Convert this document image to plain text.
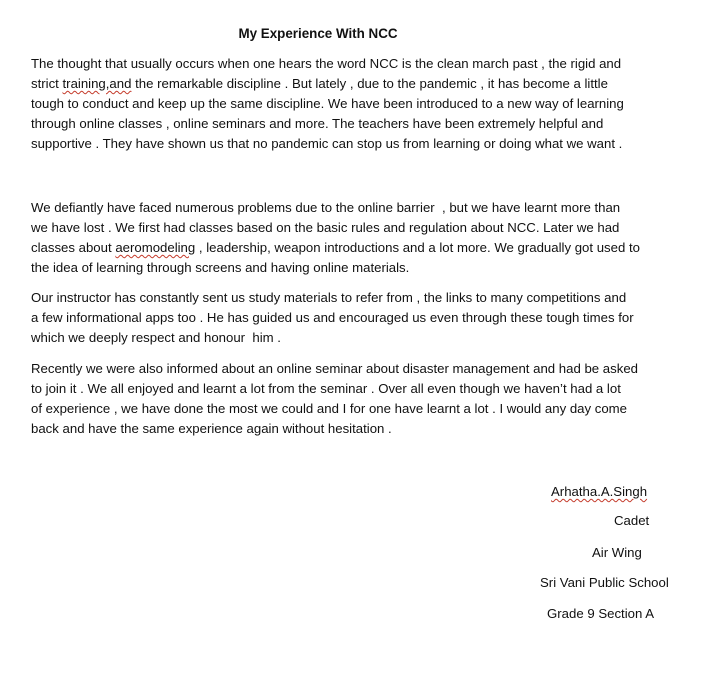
My Experience With NCC
The thought that usually occurs when one hears the word NCC is the clean march past , the rigid and
strict training,and the remarkable discipline . But lately , due to the pandemic , it has become a little
tough to conduct and keep up the same discipline. We have been introduced to a new way of learning
through online classes , online seminars and more. The teachers have been extremely helpful and
supportive . They have shown us that no pandemic can stop us from learning or doing what we want .
We defiantly have faced numerous problems due to the online barrier  , but we have learnt more than
we have lost . We first had classes based on the basic rules and regulation about NCC. Later we had
classes about aeromodeling , leadership, weapon introductions and a lot more. We gradually got used to
the idea of learning through screens and having online materials.
Our instructor has constantly sent us study materials to refer from , the links to many competitions and
a few informational apps too . He has guided us and encouraged us even through these tough times for
which we deeply respect and honour  him .
Recently we were also informed about an online seminar about disaster management and had be asked
to join it . We all enjoyed and learnt a lot from the seminar . Over all even though we haven’t had a lot
of experience , we have done the most we could and I for one have learnt a lot . I would any day come
back and have the same experience again without hesitation .
Arhatha.A.Singh
Cadet
Air Wing
Sri Vani Public School
Grade 9 Section A
